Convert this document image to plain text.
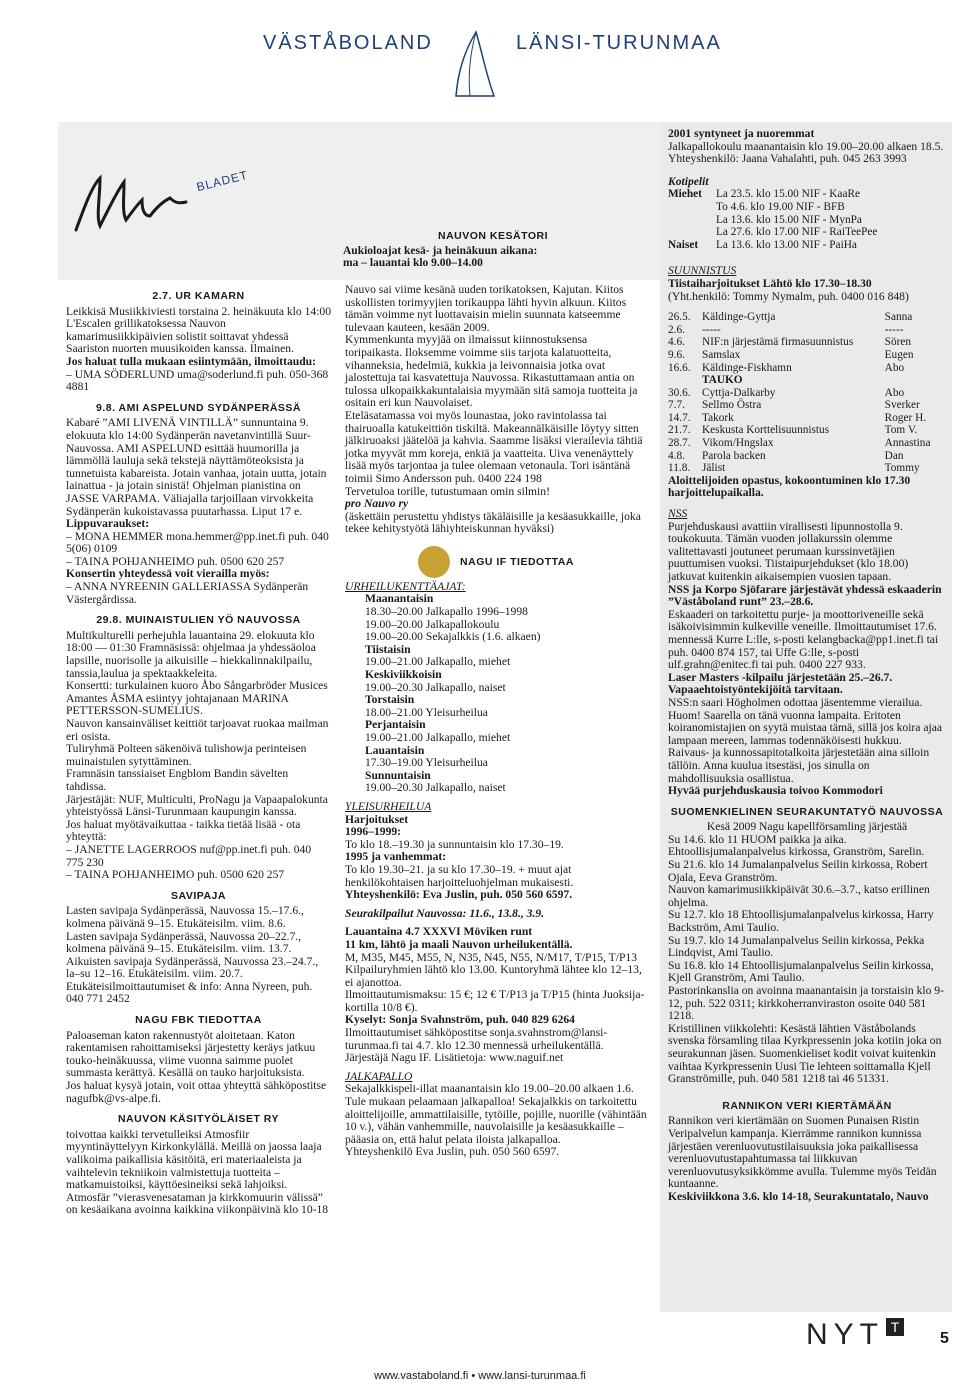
VÄSTÅBOLAND	LÄNSI-TURUNMAA
BLADET
NAUVON KESÄTORI
Aukioloajat kesä- ja heinäkuun aikana:
ma – lauantai klo 9.00–14.00
2.7. UR KAMARN

Leikkisä Musiikkiviesti torstaina 2. heinäkuuta klo 14:00 L'Escalen grillikatoksessa Nauvon kamarimusiikkipäivien solistit soittavat yhdessä Saariston nuorten muusikoiden kanssa. Ilmainen.

Jos haluat tulla mukaan esiintymään, ilmoittaudu:

– UMA SÖDERLUND uma@soderlund.fi puh. 050-368 4881

9.8. AMI ASPELUND SYDÄNPERÄSSÄ

Kabaré ”AMI LIVENÄ VINTILLÄ” sunnuntaina 9. elokuuta klo 14:00 Sydänperän navetanvintillä Suur-Nauvossa. AMI ASPELUND esittää huumorilla ja lämmöllä lauluja sekä tekstejä näyttämöteoksista ja tunnetuista kabareista. Jotain vanhaa, jotain uutta, jotain lainattua - ja jotain sinistä! Ohjelman pianistina on JASSE VARPAMA. Väliajalla tarjoillaan virvokkeita Sydänperän kukoistavassa puutarhassa. Liput 17 e.

Lippuvaraukset:

– MONA HEMMER mona.hemmer@pp.inet.fi puh. 040 5(06) 0109

– TAINA POHJANHEIMO puh. 0500 620 257

Konsertin yhteydessä voit vierailla myös:

– ANNA NYREENIN GALLERIASSA Sydänperän Västergårdissa.

29.8. MUINAISTULIEN YÖ NAUVOSSA

Multikulturelli perhejuhla lauantaina 29. elokuuta klo 18:00 — 01:30 Framnäsissä: ohjelmaa ja yhdessäoloa lapsille, nuorisolle ja aikuisille – hiekkalinnakilpailu, tanssia,laulua ja spektaakkeleita.

Konsertti: turkulainen kuoro Åbo Sångarbröder Musices Amantes ÅSMA esiintyy johtajanaan MARINA PETTERSSON-SUMELIUS.

Nauvon kansainväliset keittiöt tarjoavat ruokaa mailman eri osista.

Tuliryhmä Polteen säkenöivä tulishowja perinteisen muinaistulen sytyttäminen.

Framnäsin tanssiaiset Engblom Bandin sävelten tahdissa.

Järjestäjät: NUF, Multiculti, ProNagu ja Vapaapalokunta yhteistyössä Länsi-Turunmaan kaupungin kanssa.

Jos haluat myötävaikuttaa - taikka tietää lisää - ota yhteyttä:

– JANETTE LAGERROOS nuf@pp.inet.fi puh. 040 775 230

– TAINA POHJANHEIMO puh. 0500 620 257

SAVIPAJA

Lasten savipaja Sydänperässä, Nauvossa 15.–17.6., kolmena päivänä 9–15. Etukäteisilm. viim. 8.6.

Lasten savipaja Sydänperässä, Nauvossa 20–22.7., kolmena päivänä 9–15. Etukäteisilm. viim. 13.7.

Aikuisten savipaja Sydänperässä, Nauvossa 23.–24.7., la–su 12–16. Etukäteisilm. viim. 20.7.

Etukäteisilmoittautumiset & info: Anna Nyreen, puh. 040 771 2452

NAGU FBK TIEDOTTAA

Paloaseman katon rakennustyöt aloitetaan. Katon rakentamisen rahoittamiseksi järjestetty keräys jatkuu touko-heinäkuussa, viime vuonna saimme puolet summasta kerättyä. Kesällä on tauko harjoituksista.

Jos haluat kysyä jotain, voit ottaa yhteyttä sähköpostitse nagufbk@vs-alpe.fi.

NAUVON KÄSITYÖLÄISET RY

toivottaa kaikki tervetulleiksi Atmosfiir myyntinäyttelyyn Kirkonkylällä. Meillä on jaossa laaja valikoima paikallisia käsitöitä, eri materiaaleista ja vaihtelevin tekniikoin valmistettuja tuotteita – matkamuistoiksi, käyttöesineiksi sekä lahjoiksi.

Atmosfär ”vierasvenesataman ja kirkkomuurin välissä” on kesäaikana avoinna kaikkina viikonpäivinä klo 10-18

Nauvo sai viime kesänä uuden torikatoksen, Kajutan. Kiitos uskollisten torimyyjien torikauppa lähti hyvin alkuun. Kiitos tämän voimme nyt luottavaisin mielin suunnata katseemme tulevaan kauteen, kesään 2009.

Kymmenkunta myyjää on ilmaissut kiinnostuksensa toripaikasta. Iloksemme voimme siis tarjota kalatuotteita, vihanneksia, hedelmiä, kukkia ja leivonnaisia jotka ovat jalostettuja tai kasvatettuja Nauvossa. Rikastuttamaan antia on tulossa ulkopaikkakuntalaisia myymään sitä samoja tuotteita ja ositain eri kun Nauvolaiset.

Eteläsatamassa voi myös lounastaa, joko ravintolassa tai thairuoalla katukeittiön tiskiltä. Makeannälkäisille löytyy sitten jälkiruoaksi jäätelöä ja kahvia. Saamme lisäksi vierailevia tähtiä jotka myyvät mm koreja, enkiä ja vaatteita. Uiva venenäyttely lisää myös tarjontaa ja tulee olemaan vetonaula. Tori isäntänä toimii Simo Andersson puh. 0400 224 198

Tervetuloa torille, tutustumaan omin silmin!

pro Nauvo ry

(äskettäin perustettu yhdistys täkäläisille ja kesäasukkaille, joka tekee kehitystyötä lähiyhteiskunnan hyväksi)

NAGU IF TIEDOTTAA

URHEILUKENTTÄAJAT:

Maanantaisin
18.30–20.00 Jalkapallo 1996–1998
19.00–20.00 Jalkapallokoulu
19.00–20.00 Sekajalkkis (1.6. alkaen)
Tiistaisin
19.00–21.00 Jalkapallo, miehet
Keskiviikkoisin
19.00–20.30 Jalkapallo, naiset
Torstaisin
18.00–21.00 Yleisurheilua
Perjantaisin
19.00–21.00 Jalkapallo, miehet
Lauantaisin
17.30–19.00 Yleisurheilua
Sunnuntaisin
19.00–20.30 Jalkapallo, naiset

YLEISURHEILUA

Harjoitukset

1996–1999:

To klo 18.–19.30 ja sunnuntaisin klo 17.30–19.

1995 ja vanhemmat:

To klo 19.30–21. ja su klo 17.30–19. + muut ajat henkilökohtaisen harjoitteluohjelman mukaisesti.

Yhteyshenkilö: Eva Juslin, puh. 050 560 6597.

Seurakilpailut Nauvossa: 11.6., 13.8., 3.9.

Lauantaina 4.7 XXXVI Möviken runt

11 km, lähtö ja maali Nauvon urheilukentällä.

M, M35, M45, M55, N, N35, N45, N55, N/M17, T/P15, T/P13

Kilpailuryhmien lähtö klo 13.00. Kuntoryhmä lähtee klo 12–13, ei ajanottoa.

Ilmoittautumismaksu: 15 €; 12 € T/P13 ja T/P15 (hinta Juoksija-kortilla 10/8 €).

Kyselyt: Sonja Svahnström, puh. 040 829 6264

Ilmoittautumiset sähköpostitse sonja.svahnstrom@lansi-turunmaa.fi tai 4.7. klo 12.30 mennessä urheilukentällä. Järjestäjä Nagu IF. Lisätietoja: www.naguif.net

JALKAPALLO

Sekajalkkispeli-illat maanantaisin klo 19.00–20.00 alkaen 1.6.

Tule mukaan pelaamaan jalkapalloa! Sekajalkkis on tarkoitettu aloittelijoille, ammattilaisille, tytöille, pojille, nuorille (vähintään 10 v.), vähän vanhemmille, nauvolaisille ja kesäasukkaille – pääasia on, että halut pelata iloista jalkapalloa.

Yhteyshenkilö Eva Juslin, puh. 050 560 6597.

2001 syntyneet ja nuoremmat

Jalkapallokoulu maanantaisin klo 19.00–20.00 alkaen 18.5. Yhteyshenkilö: Jaana Vahalahti, puh. 045 263 3993

Kotipelit

Miehet	La 23.5. klo 15.00 NIF - KaaRe
	To 4.6. klo 19.00 NIF - BFB
	La 13.6. klo 15.00 NIF - MynPa
	La 27.6. klo 17.00 NIF - RaiTeePee
Naiset	La 13.6. klo 13.00 NIF - PaiHa

SUUNNISTUS

Tiistaiharjoitukset Lähtö klo 17.30–18.30

(Yht.henkilö: Tommy Nymalm, puh. 0400 016 848)

26.5.	Käldinge-Gyttja	Sanna
2.6.	-----	-----
4.6.	NIF:n järjestämä firmasuunnistus	Sören
9.6.	Samslax	Eugen
16.6.	Käldinge-Fiskhamn	Abo
	TAUKO	
30.6.	Cyttja-Dalkarby	Abo
7.7.	Sellmo Östra	Sverker
14.7.	Takork	Roger H.
21.7.	Keskusta Korttelisuunnistus	Tom V.
28.7.	Vikom/Hngslax	Annastina
4.8.	Parola backen	Dan
11.8.	Jälist	Tommy

Aloittelijoiden opastus, kokoontuminen klo 17.30 harjoittelupaikalla.

NSS

Purjehduskausi avattiin virallisesti lipunnostolla 9. toukokuuta. Tämän vuoden jollakurssin olemme valitettavasti joutuneet perumaan kurssinvetäjien puuttumisen vuoksi. Tiistaipurjehdukset (klo 18.00) jatkuvat kuitenkin aikaisempien vuosien tapaan.

NSS ja Korpo Sjöfarare järjestävät yhdessä eskaaderin ”Väståboland runt” 23.–28.6.

Eskaaderi on tarkoitettu purje- ja moottoriveneille sekä isäkoivisimmin kulkeville veneille. Ilmoittautumiset 17.6. mennessä Kurre L:lle, s-posti kelangbacka@pp1.inet.fi tai puh. 0400 874 157, tai Uffe G:lle, s-posti ulf.grahn@enitec.fi tai puh. 0400 227 933.

Laser Masters -kilpailu järjestetään 25.–26.7. Vapaaehtoistyöntekijöitä tarvitaan.

NSS:n saari Högholmen odottaa jäsentemme vierailua. Huom! Saarella on tänä vuonna lampaita. Eritoten koiranomistajien on syytä muistaa tämä, sillä jos koira ajaa lampaan mereen, lammas todennäköisesti hukkuu.

Raivaus- ja kunnossapitotalkoita järjestetään aina silloin tällöin. Anna kuulua itsestäsi, jos sinulla on mahdollisuuksia osallistua.

Hyvää purjehduskausia toivoo Kommodori

SUOMENKIELINEN SEURAKUNTATYÖ NAUVOSSA

Kesä 2009 Nagu kapellförsamling järjestää

Su 14.6. klo 11 HUOM paikka ja aika. Ehtoollisjumalanpalvelus kirkossa, Granström, Sarelin.

Su 21.6. klo 14 Jumalanpalvelus Seilin kirkossa, Robert Ojala, Eeva Granström.

Nauvon kamarimusiikkipäivät 30.6.–3.7., katso erillinen ohjelma.

Su 12.7. klo 18 Ehtoollisjumalanpalvelus kirkossa, Harry Backström, Ami Taulio.

Su 19.7. klo 14 Jumalanpalvelus Seilin kirkossa, Pekka Lindqvist, Ami Taulio.

Su 16.8. klo 14 Ehtoollisjumalanpalvelus Seilin kirkossa, Kjell Granström, Ami Taulio.

Pastorinkanslia on avoinna maanantaisin ja torstaisin klo 9-12, puh. 522 0311; kirkkoherranviraston osoite 040 581 1218.

Kristillinen viikkolehti: Kesästä lähtien Väståbolands svenska församling tilaa Kyrkpressenin joka kotiin joka on seurakunnan jäsen. Suomenkieliset kodit voivat kuitenkin vaihtaa Kyrkpressenin Uusi Tie lehteen soittamalla Kjell Granströmille, puh. 040 581 1218 tai 46 51331.

RANNIKON VERI KIERTÄMÄÄN

Rannikon veri kiertämään on Suomen Punaisen Ristin Veripalvelun kampanja. Kierrämme rannikon kunnissa järjestäen verenluovutustilaisuuksia joka paikallisessa verenluovutustapahtumassa tai liikkuvan verenluovutusyksikkömme avulla. Tulemme myös Teidän kuntaanne.

Keskiviikkona 3.6. klo 14-18, Seurakuntatalo, Nauvo

NYT T
5
www.vastaboland.fi • www.lansi-turunmaa.fi
